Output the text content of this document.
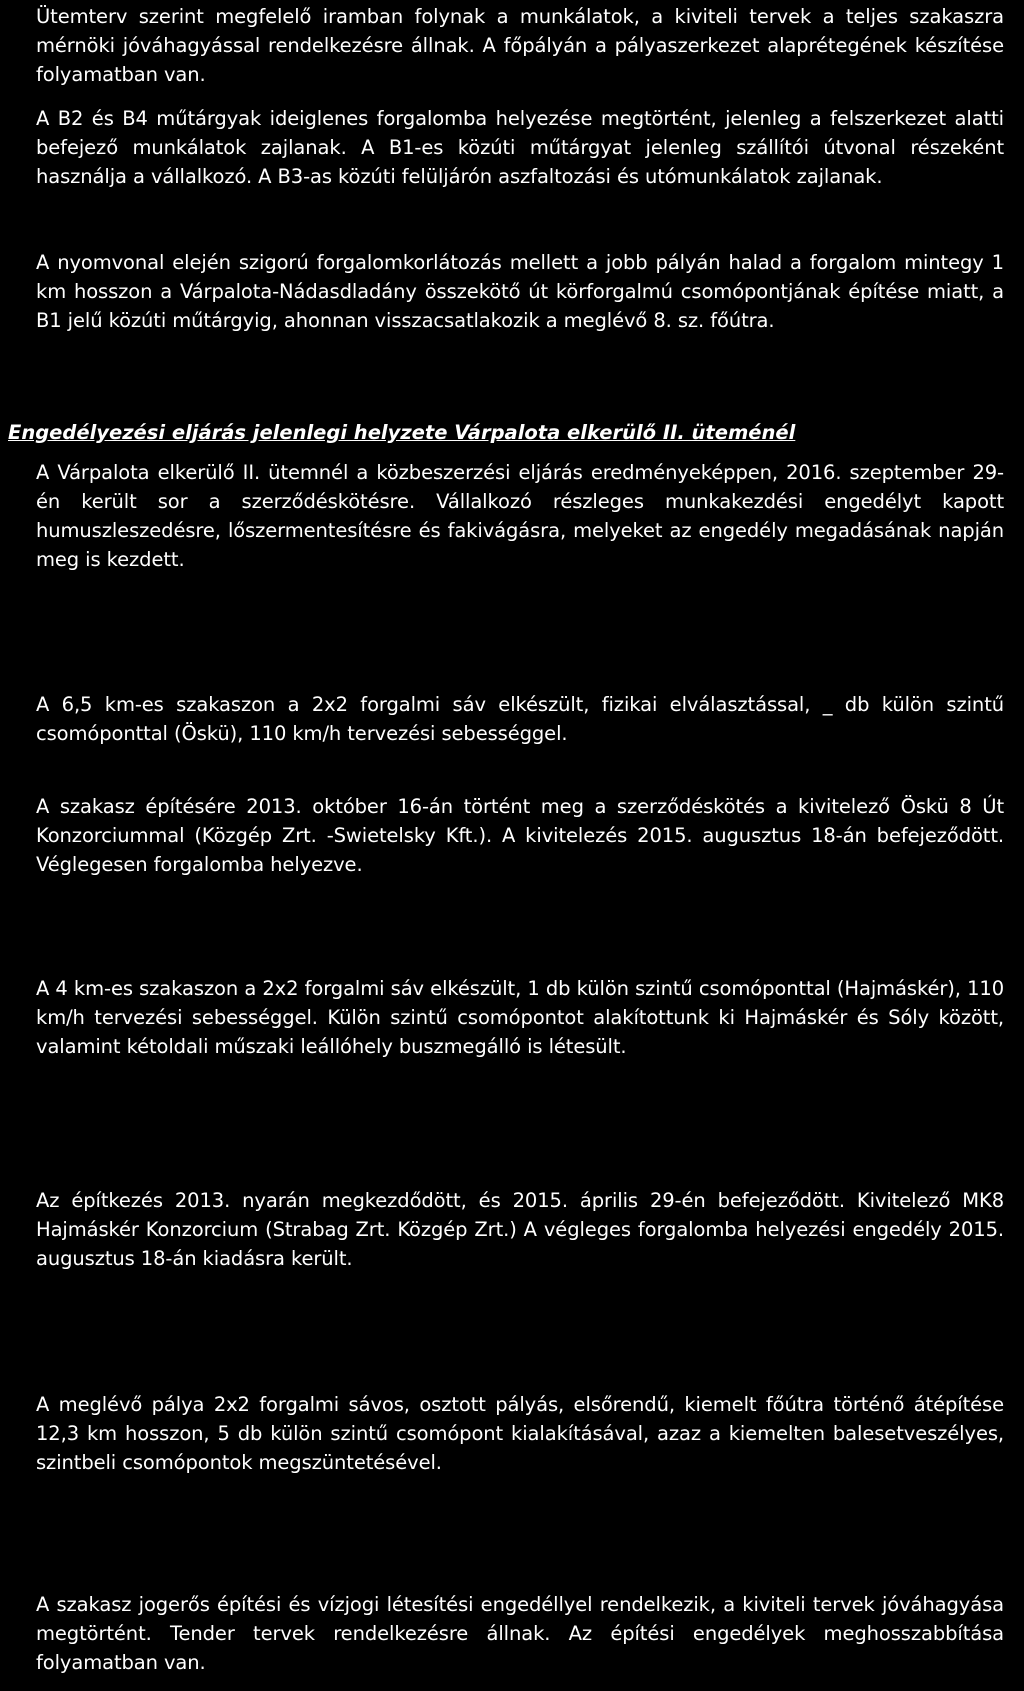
Ütemterv szerint megfelelő iramban folynak a munkálatok, a kiviteli tervek a teljes szakaszra mérnöki jóváhagyással rendelkezésre állnak. A főpályán a pályaszerkezet alaprétegének készítése folyamatban van.

A B2 és B4 műtárgyak ideiglenes forgalomba helyezése megtörtént, jelenleg a felszerkezet alatti befejező munkálatok zajlanak. A B1-es közúti műtárgyat jelenleg szállítói útvonal részeként használja a vállalkozó. A B3-as közúti felüljárón aszfaltozási és utómunkálatok zajlanak.

A nyomvonal elején szigorú forgalomkorlátozás mellett a jobb pályán halad a forgalom mintegy 1 km hosszon a Várpalota-Nádasdladány összekötő út körforgalmú csomópontjának építése miatt, a B1 jelű közúti műtárgyig, ahonnan visszacsatlakozik a meglévő 8. sz. főútra.

Engedélyezési eljárás jelenlegi helyzete Várpalota elkerülő II. üteménél

A Várpalota elkerülő II. ütemnél a közbeszerzési eljárás eredményeképpen, 2016. szeptember 29-én került sor a szerződéskötésre. Vállalkozó részleges munkakezdési engedélyt kapott humuszleszedésre, lőszermentesítésre és fakivágásra, melyeket az engedély megadásának napján meg is kezdett.

A 6,5 km-es szakaszon a 2x2 forgalmi sáv elkészült, fizikai elválasztással, _ db külön szintű csomóponttal (Öskü), 110 km/h tervezési sebességgel.

A szakasz építésére 2013. október 16-án történt meg a szerződéskötés a kivitelező Öskü 8 Út Konzorciummal (Közgép Zrt. -Swietelsky Kft.). A kivitelezés 2015. augusztus 18-án befejeződött. Véglegesen forgalomba helyezve.

A 4 km-es szakaszon a 2x2 forgalmi sáv elkészült, 1 db külön szintű csomóponttal (Hajmáskér), 110 km/h tervezési sebességgel. Külön szintű csomópontot alakítottunk ki Hajmáskér és Sóly között, valamint kétoldali műszaki leállóhely buszmegálló is létesült.

Az építkezés 2013. nyarán megkezdődött, és 2015. április 29-én befejeződött. Kivitelező MK8 Hajmáskér Konzorcium (Strabag Zrt. Közgép Zrt.) A végleges forgalomba helyezési engedély 2015. augusztus 18-án kiadásra került.

A meglévő pálya 2x2 forgalmi sávos, osztott pályás, elsőrendű, kiemelt főútra történő átépítése 12,3 km hosszon, 5 db külön szintű csomópont kialakításával, azaz a kiemelten balesetveszélyes, szintbeli csomópontok megszüntetésével.

A szakasz jogerős építési és vízjogi létesítési engedéllyel rendelkezik, a kiviteli tervek jóváhagyása megtörtént. Tender tervek rendelkezésre állnak. Az építési engedélyek meghosszabbítása folyamatban van.
